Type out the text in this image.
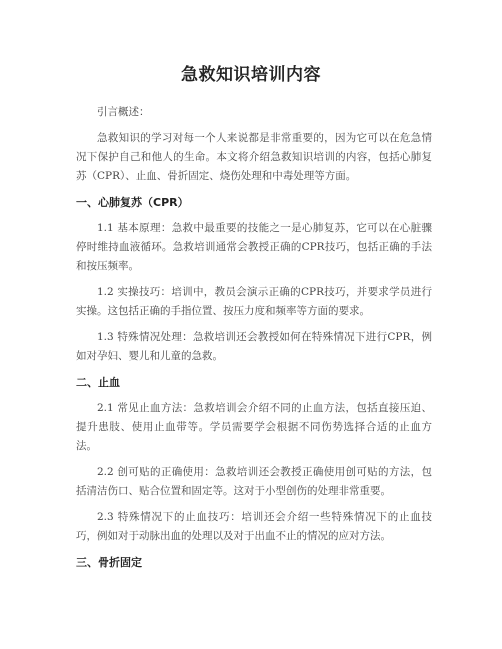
急救知识培训内容

引言概述：

急救知识的学习对每一个人来说都是非常重要的，因为它可以在危急情况下保护自己和他人的生命。本文将介绍急救知识培训的内容，包括心肺复苏（CPR）、止血、骨折固定、烧伤处理和中毒处理等方面。

一、心肺复苏（CPR）

1.1 基本原理：急救中最重要的技能之一是心肺复苏，它可以在心脏骤停时维持血液循环。急救培训通常会教授正确的CPR技巧，包括正确的手法和按压频率。

1.2 实操技巧：培训中，教员会演示正确的CPR技巧，并要求学员进行实操。这包括正确的手指位置、按压力度和频率等方面的要求。

1.3 特殊情况处理：急救培训还会教授如何在特殊情况下进行CPR，例如对孕妇、婴儿和儿童的急救。

二、止血

2.1 常见止血方法：急救培训会介绍不同的止血方法，包括直接压迫、提升患肢、使用止血带等。学员需要学会根据不同伤势选择合适的止血方法。

2.2 创可贴的正确使用：急救培训还会教授正确使用创可贴的方法，包括清洁伤口、贴合位置和固定等。这对于小型创伤的处理非常重要。

2.3 特殊情况下的止血技巧：培训还会介绍一些特殊情况下的止血技巧，例如对于动脉出血的处理以及对于出血不止的情况的应对方法。

三、骨折固定
